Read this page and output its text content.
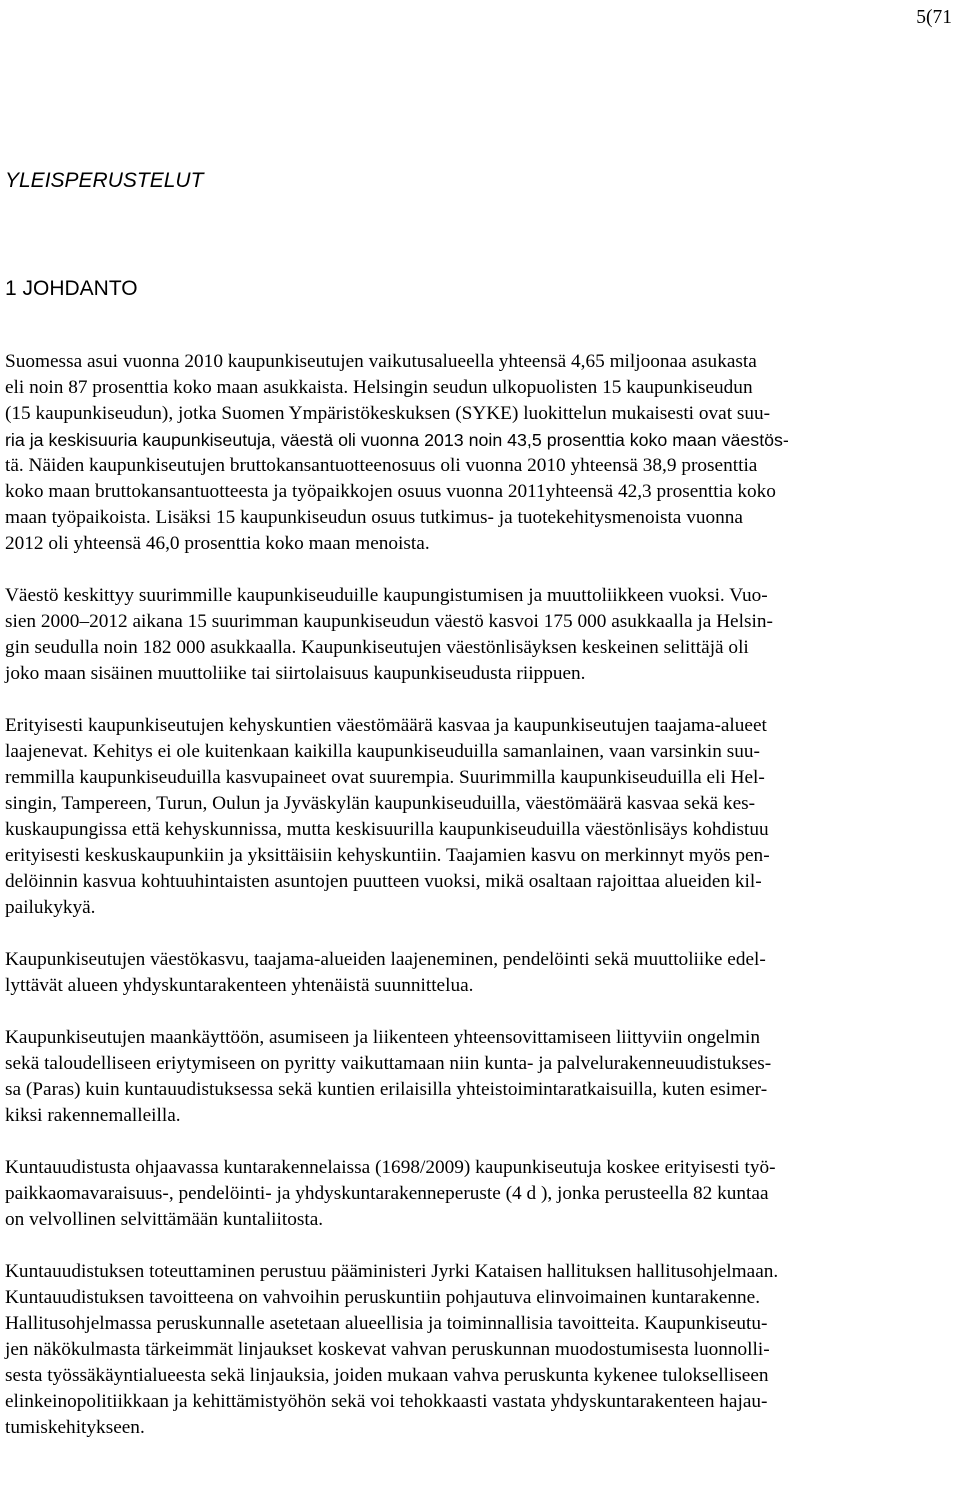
5(71
YLEISPERUSTELUT
1 JOHDANTO
Suomessa asui vuonna 2010 kaupunkiseutujen vaikutusalueella yhteensä 4,65 miljoonaa asukasta
eli noin 87 prosenttia koko maan asukkaista. Helsingin seudun ulkopuolisten 15 kaupunkiseudun
(15 kaupunkiseudun), jotka Suomen Ympäristökeskuksen (SYKE) luokittelun mukaisesti ovat suu-
ria ja keskisuuria kaupunkiseutuja, väestä oli vuonna 2013 noin 43,5 prosenttia koko maan väestös-
tä. Näiden kaupunkiseutujen bruttokansantuotteenosuus oli vuonna 2010 yhteensä 38,9 prosenttia
koko maan bruttokansantuotteesta ja työpaikkojen osuus vuonna 2011yhteensä 42,3 prosenttia koko
maan työpaikoista. Lisäksi 15 kaupunkiseudun osuus tutkimus- ja tuotekehitysmenoista vuonna
2012 oli yhteensä 46,0 prosenttia koko maan menoista.
Väestö keskittyy suurimmille kaupunkiseuduille kaupungistumisen ja muuttoliikkeen vuoksi. Vuo-
sien 2000–2012 aikana 15 suurimman kaupunkiseudun väestö kasvoi 175 000 asukkaalla ja Helsin-
gin seudulla noin 182 000 asukkaalla. Kaupunkiseutujen väestönlisäyksen keskeinen selittäjä oli
joko maan sisäinen muuttoliike tai siirtolaisuus kaupunkiseudusta riippuen.
Erityisesti kaupunkiseutujen kehyskuntien väestömäärä kasvaa ja kaupunkiseutujen taajama-alueet
laajenevat. Kehitys ei ole kuitenkaan kaikilla kaupunkiseuduilla samanlainen, vaan varsinkin suu-
remmilla kaupunkiseuduilla kasvupaineet ovat suurempia. Suurimmilla kaupunkiseuduilla eli Hel-
singin, Tampereen, Turun, Oulun ja Jyväskylän kaupunkiseuduilla, väestömäärä kasvaa sekä kes-
kuskaupungissa että kehyskunnissa, mutta keskisuurilla kaupunkiseuduilla väestönlisäys kohdistuu
erityisesti keskuskaupunkiin ja yksittäisiin kehyskuntiin. Taajamien kasvu on merkinnyt myös pen-
delöinnin kasvua kohtuuhintaisten asuntojen puutteen vuoksi, mikä osaltaan rajoittaa alueiden kil-
pailukykyä.
Kaupunkiseutujen väestökasvu, taajama-alueiden laajeneminen, pendelöinti sekä muuttoliike edel-
lyttävät alueen yhdyskuntarakenteen yhtenäistä suunnittelua.
Kaupunkiseutujen maankäyttöön, asumiseen ja liikenteen yhteensovittamiseen liittyviin ongelmin
sekä taloudelliseen eriytymiseen on pyritty vaikuttamaan niin kunta- ja palvelurakenneuudistukses-
sa (Paras) kuin kuntauudistuksessa sekä kuntien erilaisilla yhteistoimintaratkaisuilla, kuten esimer-
kiksi rakennemalleilla.
Kuntauudistusta ohjaavassa kuntarakennelaissa (1698/2009) kaupunkiseutuja koskee erityisesti työ-
paikkaomavaraisuus-, pendelöinti- ja yhdyskuntarakenneperuste (4 d ), jonka perusteella 82 kuntaa
on velvollinen selvittämään kuntaliitosta.
Kuntauudistuksen toteuttaminen perustuu pääministeri Jyrki Kataisen hallituksen hallitusohjelmaan.
Kuntauudistuksen tavoitteena on vahvoihin peruskuntiin pohjautuva elinvoimainen kuntarakenne.
Hallitusohjelmassa peruskunnalle asetetaan alueellisia ja toiminnallisia tavoitteita. Kaupunkiseutu-
jen näkökulmasta tärkeimmät linjaukset koskevat vahvan peruskunnan muodostumisesta luonnolli-
sesta työssäkäyntialueesta sekä linjauksia, joiden mukaan vahva peruskunta kykenee tulokselliseen
elinkeinopolitiikkaan ja kehittämistyöhön sekä voi tehokkaasti vastata yhdyskuntarakenteen hajau-
tumiskehitykseen.
